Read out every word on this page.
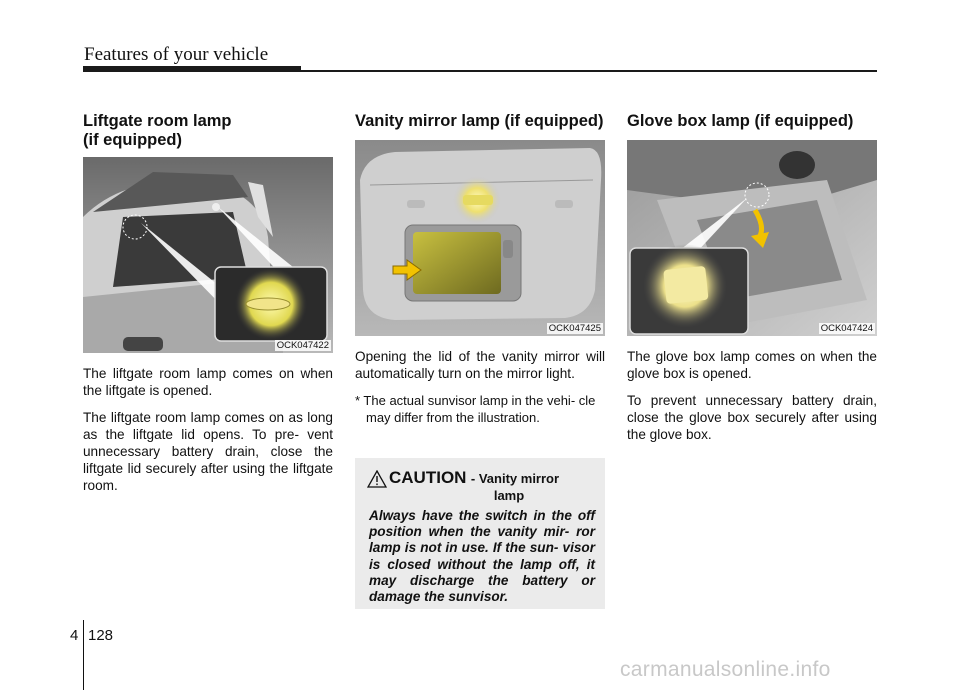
Features of your vehicle
Liftgate room lamp
(if equipped)
OCK047422

The liftgate room lamp comes on when the liftgate is opened.

The liftgate room lamp comes on as long as the liftgate lid opens. To pre- vent unnecessary battery drain, close the liftgate lid securely after using the liftgate room.

Vanity mirror lamp (if equipped)
OCK047425

Opening the lid of the vanity mirror will automatically turn on the mirror light.

* The actual sunvisor lamp in the vehi- cle may differ from the illustration.

Glove box lamp (if equipped)
OCK047424

The glove box lamp comes on when the glove box is opened.

To prevent unnecessary battery drain, close the glove box securely after using the glove box.

CAUTION - Vanity mirror
lamp
Always have the switch in the off position when the vanity mir- ror lamp is not in use. If the sun- visor is closed without the lamp off, it may discharge the battery or damage the sunvisor.
4 128
carmanualsonline.info
